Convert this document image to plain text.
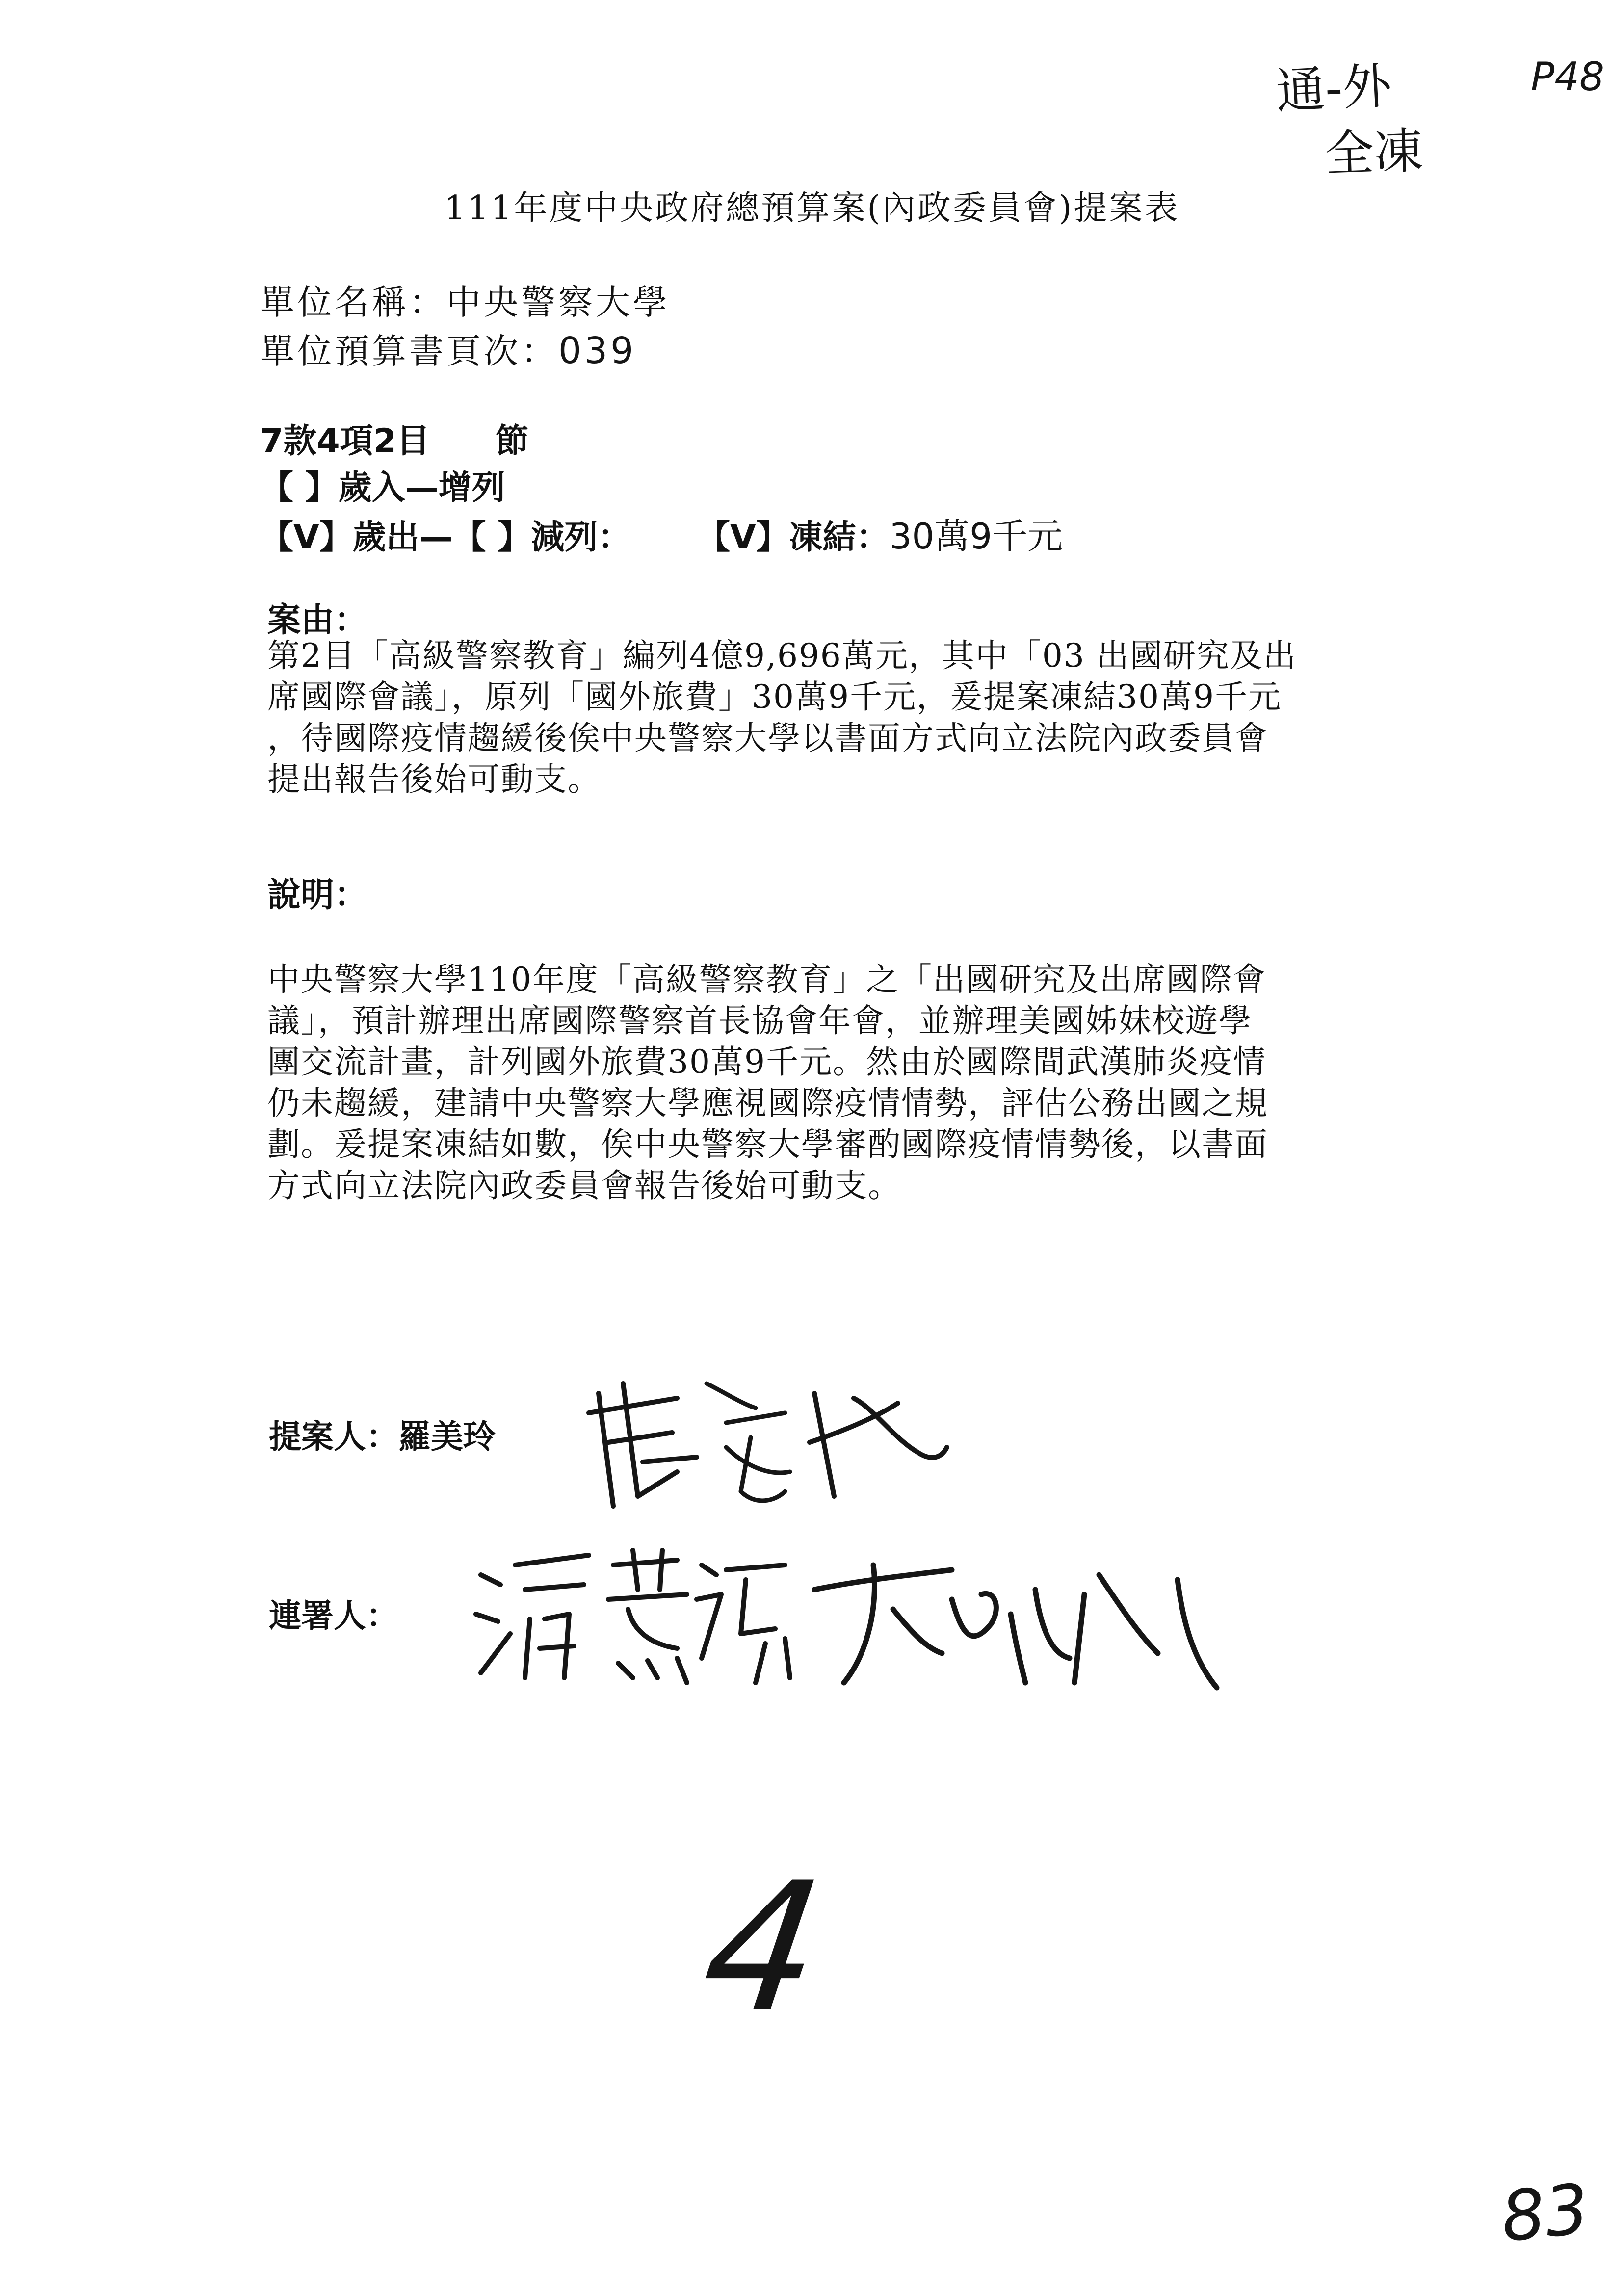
通-外
全凍
P48
111年度中央政府總預算案(內政委員會)提案表
單位名稱：中央警察大學
單位預算書頁次：039
7款4項2目 節
【 】歲入—增列
【V】歲出—【 】減列： 【V】凍結：30萬9千元
案由：
第2目「高級警察教育」編列4億9,696萬元，其中「03 出國研究及出
席國際會議」，原列「國外旅費」30萬9千元，爰提案凍結30萬9千元
，待國際疫情趨緩後俟中央警察大學以書面方式向立法院內政委員會
提出報告後始可動支。
說明：
中央警察大學110年度「高級警察教育」之「出國研究及出席國際會
議」，預計辦理出席國際警察首長協會年會，並辦理美國姊妹校遊學
團交流計畫，計列國外旅費30萬9千元。然由於國際間武漢肺炎疫情
仍未趨緩，建請中央警察大學應視國際疫情情勢，評估公務出國之規
劃。爰提案凍結如數，俟中央警察大學審酌國際疫情情勢後，以書面
方式向立法院內政委員會報告後始可動支。
提案人：羅美玲
連署人：
4
83
